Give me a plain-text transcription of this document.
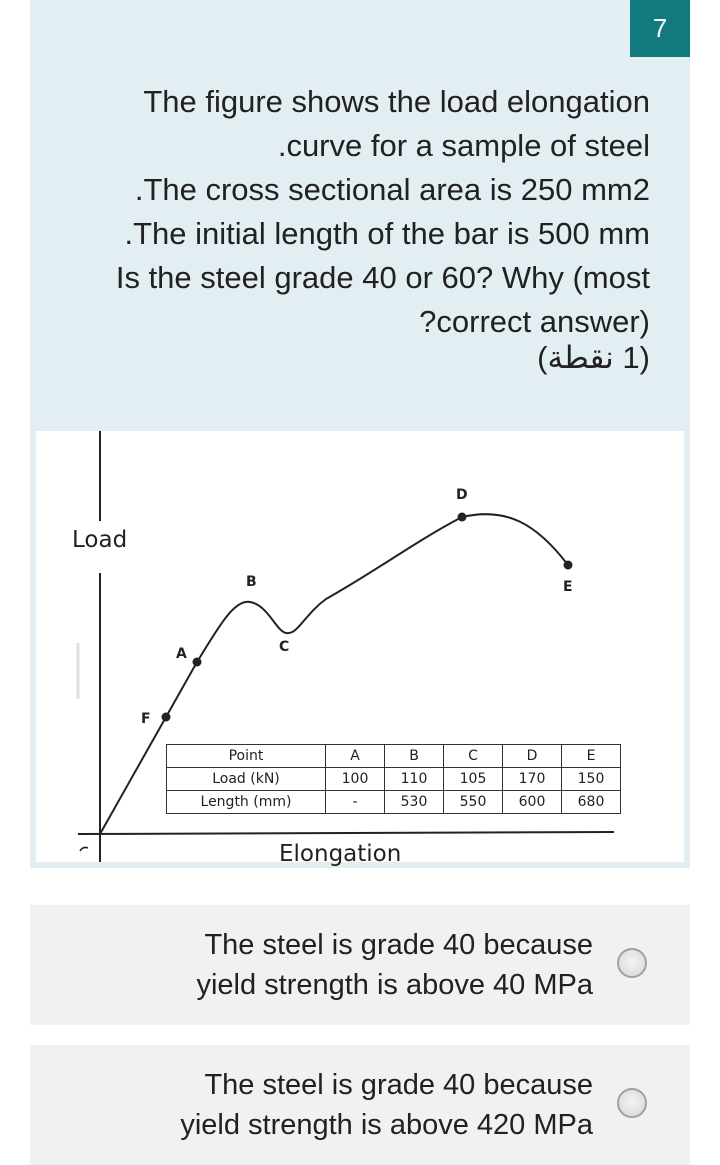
7
The figure shows the load elongation
.curve for a sample of steel
.The cross sectional area is 250 mm2
.The initial length of the bar is 500 mm
Is the steel grade 40 or 60? Why (most
?correct answer)
(1 نقطة)
Load
Elongation
F
A
B
C
D
E
Point	A	B	C	D	E
Load (kN)	100	110	105	170	150
Length (mm)	-	530	550	600	680
The steel is grade 40 because
yield strength is above 40 MPa
The steel is grade 40 because
yield strength is above 420 MPa
